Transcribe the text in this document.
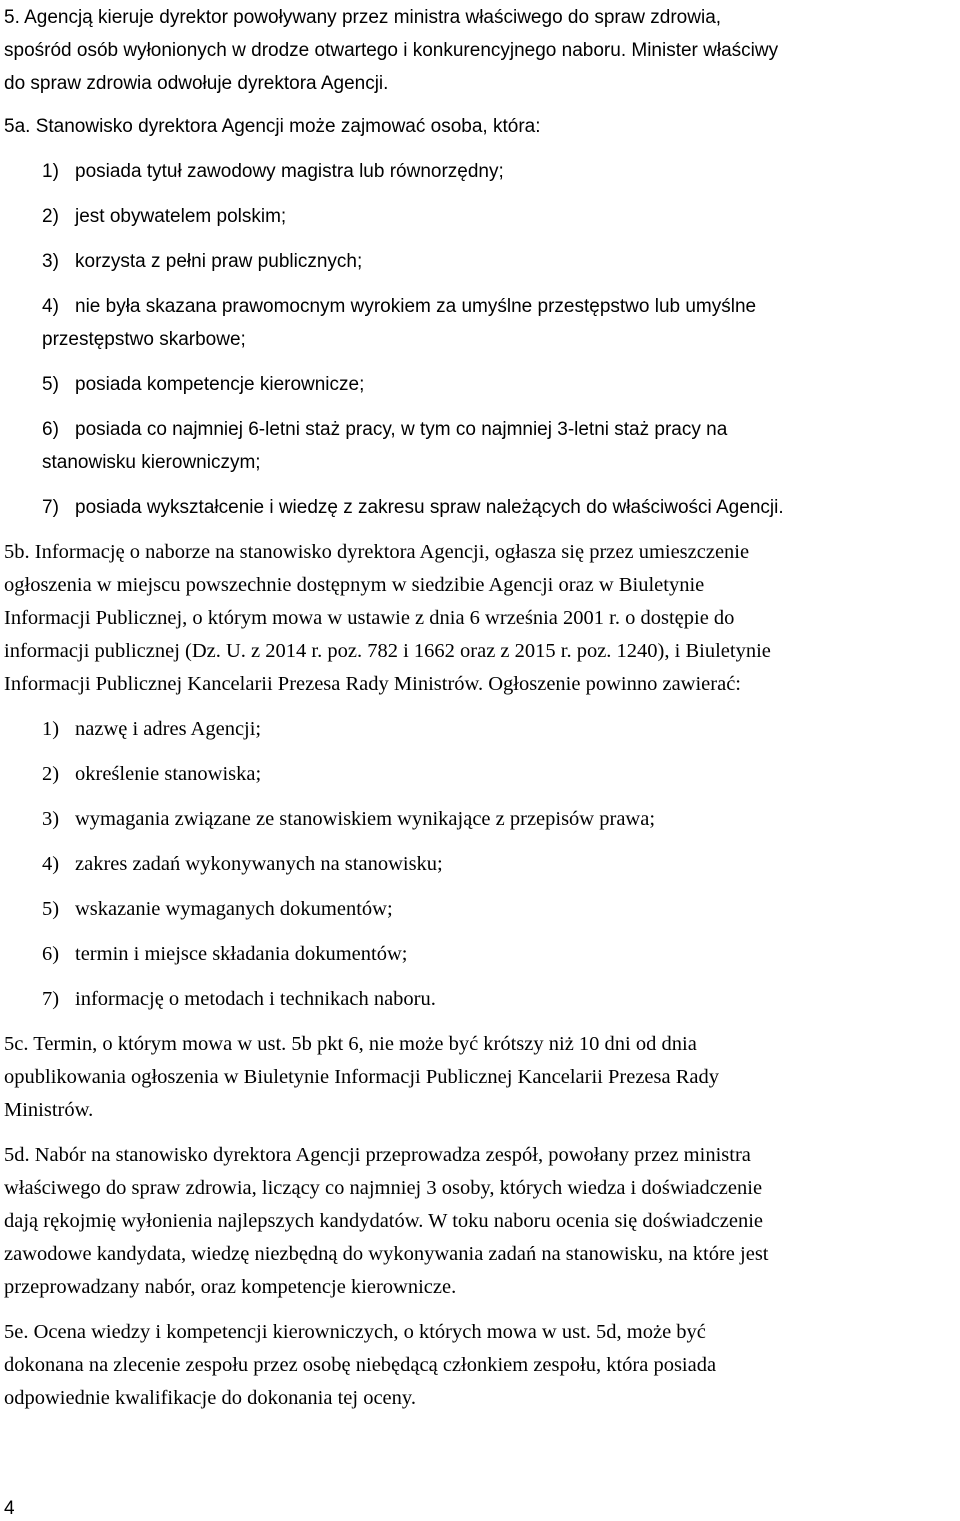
5. Agencją kieruje dyrektor powoływany przez ministra właściwego do spraw zdrowia,
spośród osób wyłonionych w drodze otwartego i konkurencyjnego naboru. Minister właściwy
do spraw zdrowia odwołuje dyrektora Agencji.
5a. Stanowisko dyrektora Agencji może zajmować osoba, która:
1) posiada tytuł zawodowy magistra lub równorzędny;
2) jest obywatelem polskim;
3) korzysta z pełni praw publicznych;
4) nie była skazana prawomocnym wyrokiem za umyślne przestępstwo lub umyślne
przestępstwo skarbowe;
5) posiada kompetencje kierownicze;
6) posiada co najmniej 6-letni staż pracy, w tym co najmniej 3-letni staż pracy na
stanowisku kierowniczym;
7) posiada wykształcenie i wiedzę z zakresu spraw należących do właściwości Agencji.
5b. Informację o naborze na stanowisko dyrektora Agencji, ogłasza się przez umieszczenie
ogłoszenia w miejscu powszechnie dostępnym w siedzibie Agencji oraz w Biuletynie
Informacji Publicznej, o którym mowa w ustawie z dnia 6 września 2001 r. o dostępie do
informacji publicznej (Dz. U. z 2014 r. poz. 782 i 1662 oraz z 2015 r. poz. 1240), i Biuletynie
Informacji Publicznej Kancelarii Prezesa Rady Ministrów. Ogłoszenie powinno zawierać:
1) nazwę i adres Agencji;
2) określenie stanowiska;
3) wymagania związane ze stanowiskiem wynikające z przepisów prawa;
4) zakres zadań wykonywanych na stanowisku;
5) wskazanie wymaganych dokumentów;
6) termin i miejsce składania dokumentów;
7) informację o metodach i technikach naboru.
5c. Termin, o którym mowa w ust. 5b pkt 6, nie może być krótszy niż 10 dni od dnia
opublikowania ogłoszenia w Biuletynie Informacji Publicznej Kancelarii Prezesa Rady
Ministrów.
5d. Nabór na stanowisko dyrektora Agencji przeprowadza zespół, powołany przez ministra
właściwego do spraw zdrowia, liczący co najmniej 3 osoby, których wiedza i doświadczenie
dają rękojmię wyłonienia najlepszych kandydatów. W toku naboru ocenia się doświadczenie
zawodowe kandydata, wiedzę niezbędną do wykonywania zadań na stanowisku, na które jest
przeprowadzany nabór, oraz kompetencje kierownicze.
5e. Ocena wiedzy i kompetencji kierowniczych, o których mowa w ust. 5d, może być
dokonana na zlecenie zespołu przez osobę niebędącą członkiem zespołu, która posiada
odpowiednie kwalifikacje do dokonania tej oceny.
4
